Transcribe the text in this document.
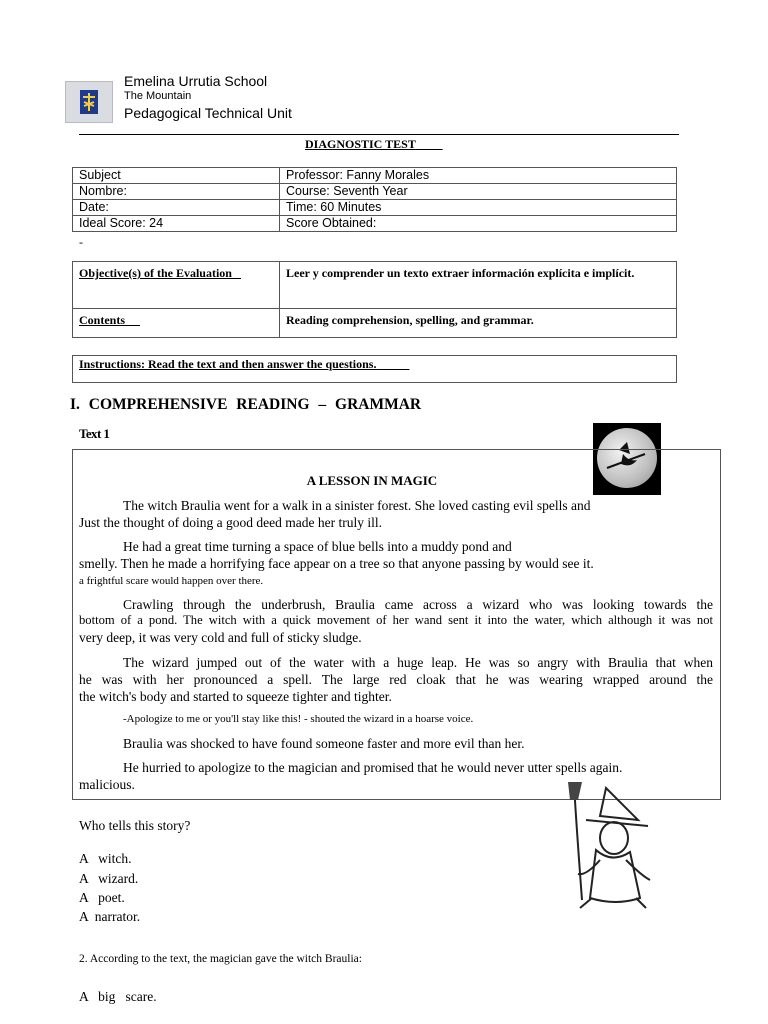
Emelina Urrutia School
The Mountain
Pedagogical Technical Unit
DIAGNOSTIC TEST
Subject	Professor: Fanny Morales
Nombre:	Course: Seventh Year
Date:	Time: 60 Minutes
Ideal Score: 24	Score Obtained:
-
Objective(s) of the Evaluation	Leer y comprender un texto extraer información explícita e implícit.
Contents	Reading comprehension, spelling, and grammar.
Instructions: Read the text and then answer the questions.
I. COMPREHENSIVE READING – GRAMMAR
Text 1
A LESSON IN MAGIC
The witch Braulia went for a walk in a sinister forest. She loved casting evil spells and
Just the thought of doing a good deed made her truly ill.
He had a great time turning a space of blue bells into a muddy pond and
smelly. Then he made a horrifying face appear on a tree so that anyone passing by would see it.
a frightful scare would happen over there.
Crawling through the underbrush, Braulia came across a wizard who was looking towards the
bottom of a pond. The witch with a quick movement of her wand sent it into the water, which although it was not
very deep, it was very cold and full of sticky sludge.
The wizard jumped out of the water with a huge leap. He was so angry with Braulia that when
he was with her pronounced a spell. The large red cloak that he was wearing wrapped around the
the witch's body and started to squeeze tighter and tighter.
-Apologize to me or you'll stay like this! - shouted the wizard in a hoarse voice.
Braulia was shocked to have found someone faster and more evil than her.
He hurried to apologize to the magician and promised that he would never utter spells again.
malicious.
Who tells this story?
A   witch.
A   wizard.
A   poet.
A  narrator.
2. According to the text, the magician gave the witch Braulia:
A   big   scare.
